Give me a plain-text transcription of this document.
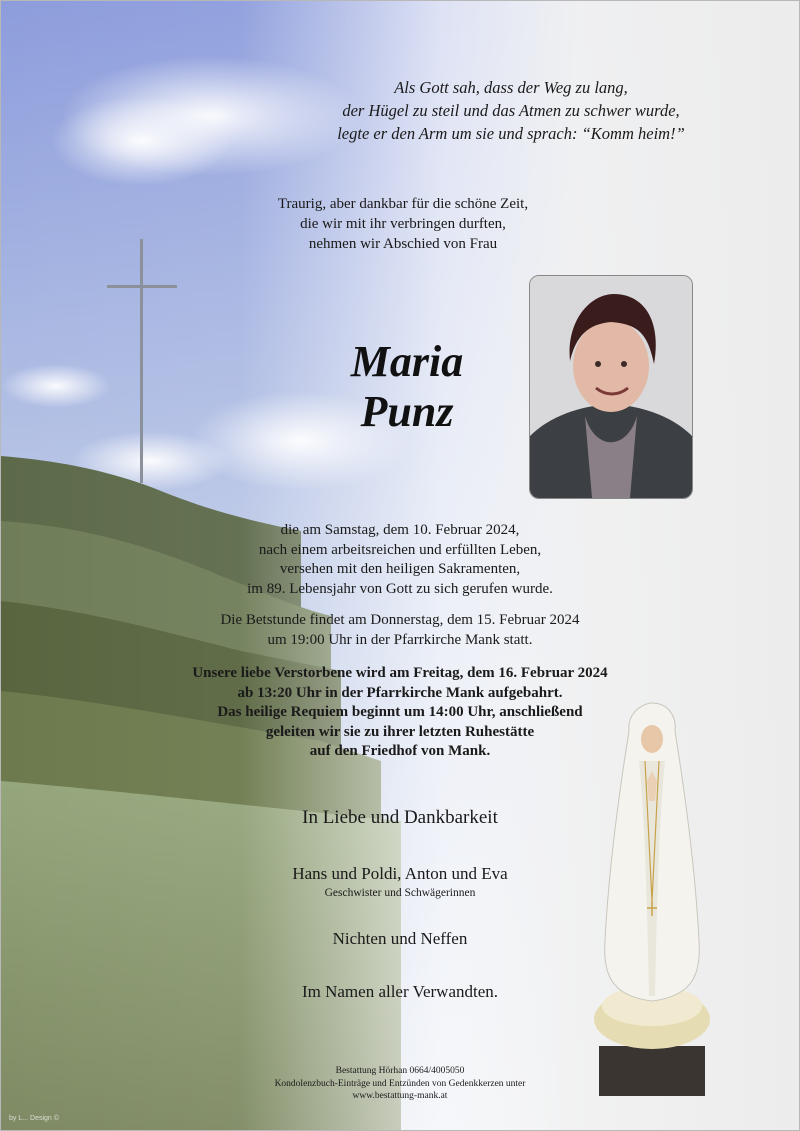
Als Gott sah, dass der Weg zu lang,
der Hügel zu steil und das Atmen zu schwer wurde,
legte er den Arm um sie und sprach: “Komm heim!”
Traurig, aber dankbar für die schöne Zeit,
die wir mit ihr verbringen durften,
nehmen wir Abschied von Frau
Maria
Punz
die am Samstag, dem 10. Februar 2024,
nach einem arbeitsreichen und erfüllten Leben,
versehen mit den heiligen Sakramenten,
im 89. Lebensjahr von Gott zu sich gerufen wurde.
Die Betstunde findet am Donnerstag, dem 15. Februar 2024
um 19:00 Uhr in der Pfarrkirche Mank statt.
Unsere liebe Verstorbene wird am Freitag, dem 16. Februar 2024
ab 13:20 Uhr in der Pfarrkirche Mank aufgebahrt.
Das heilige Requiem beginnt um 14:00 Uhr, anschließend
geleiten wir sie zu ihrer letzten Ruhestätte
auf den Friedhof von Mank.
In Liebe und Dankbarkeit
Hans und Poldi, Anton und Eva
Geschwister und Schwägerinnen
Nichten und Neffen
Im Namen aller Verwandten.
Bestattung Hörhan 0664/4005050
Kondolenzbuch-Einträge und Entzünden von Gedenkkerzen unter
www.bestattung-mank.at
by L... Design ©
